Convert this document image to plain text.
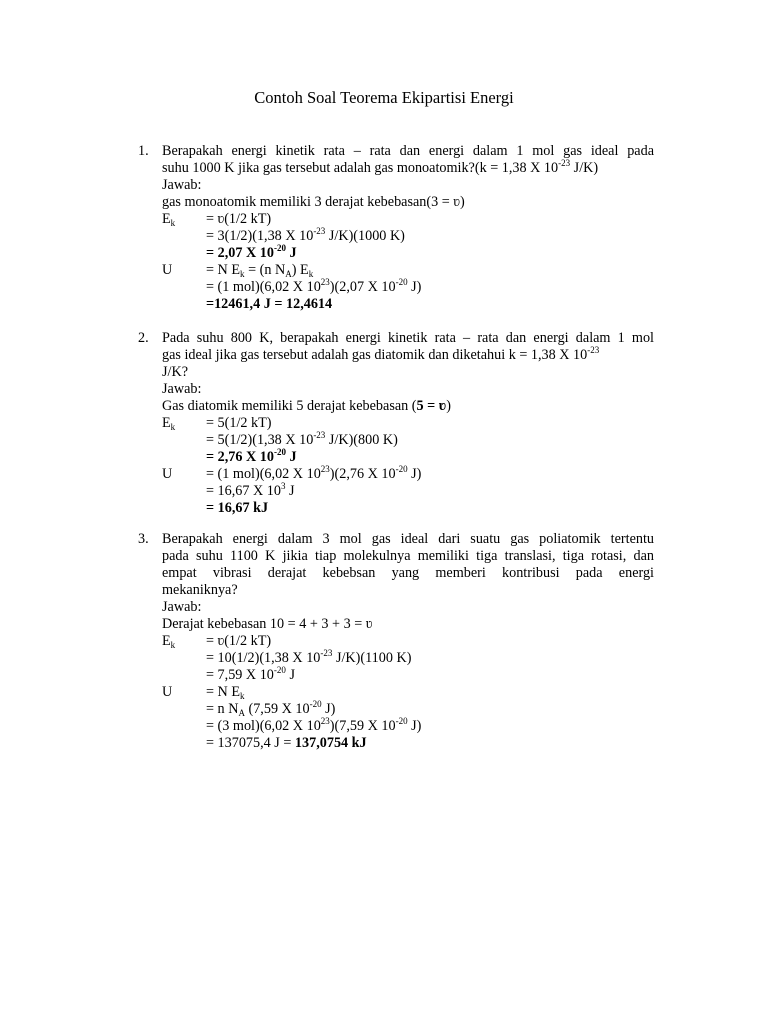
Contoh Soal Teorema Ekipartisi Energi
1. Berapakah energi kinetik rata – rata dan energi dalam 1 mol gas ideal pada
suhu 1000 K jika gas tersebut adalah gas monoatomik?(k = 1,38 X $10^{-23}$ J/K)
Jawab:
gas monoatomik memiliki 3 derajat kebebasan(3 = ʋ)
$E_k$ = ʋ(1/2 kT)
= 3(1/2)(1,38 X $10^{-23}$ J/K)(1000 K)
= 2,07 X $10^{-20}$ J
U = N $E_k = (n$ $N_A$) $E_k$
= (1 mol)(6,02 X $10^{23})(2,07$ X $10^{-20}$ J)
=12461,4 J = 12,4614
2. Pada suhu 800 K, berapakah energi kinetik rata – rata dan energi dalam 1 mol
gas ideal jika gas tersebut adalah gas diatomik dan diketahui k = 1,38 X $10^{-23}$
J/K?
Jawab:
Gas diatomik memiliki 5 derajat kebebasan (5 = ʋ)
$E_k = 5(1/2$ kT)
= 5(1/2)(1,38 X $10^{-23}$ J/K)(800 K)
= 2,76 X $10^{-20}$ J
U = (1 mol)(6,02 X $10^{23})(2,76$ X $10^{-20}$ J)
= 16,67 X $10^3$ J
= 16,67 kJ
3. Berapakah energi dalam 3 mol gas ideal dari suatu gas poliatomik tertentu
pada suhu 1100 K jikia tiap molekulnya memiliki tiga translasi, tiga rotasi, dan
empat vibrasi derajat kebebsan yang memberi kontribusi pada energi
mekaniknya?
Jawab:
Derajat kebebasan 10 = 4 + 3 + 3 = ʋ
$E_k$ = ʋ(1/2 kT)
= 10(1/2)(1,38 X $10^{-23}$ J/K)(1100 K)
= 7,59 X $10^{-20}$ J
U = N $E_k$
= n $N_A$ (7,59 X $10^{-20}$ J)
= (3 mol)(6,02 X $10^{23})(7,59$ X $10^{-20}$ J)
= 137075,4 J = 137,0754 kJ
